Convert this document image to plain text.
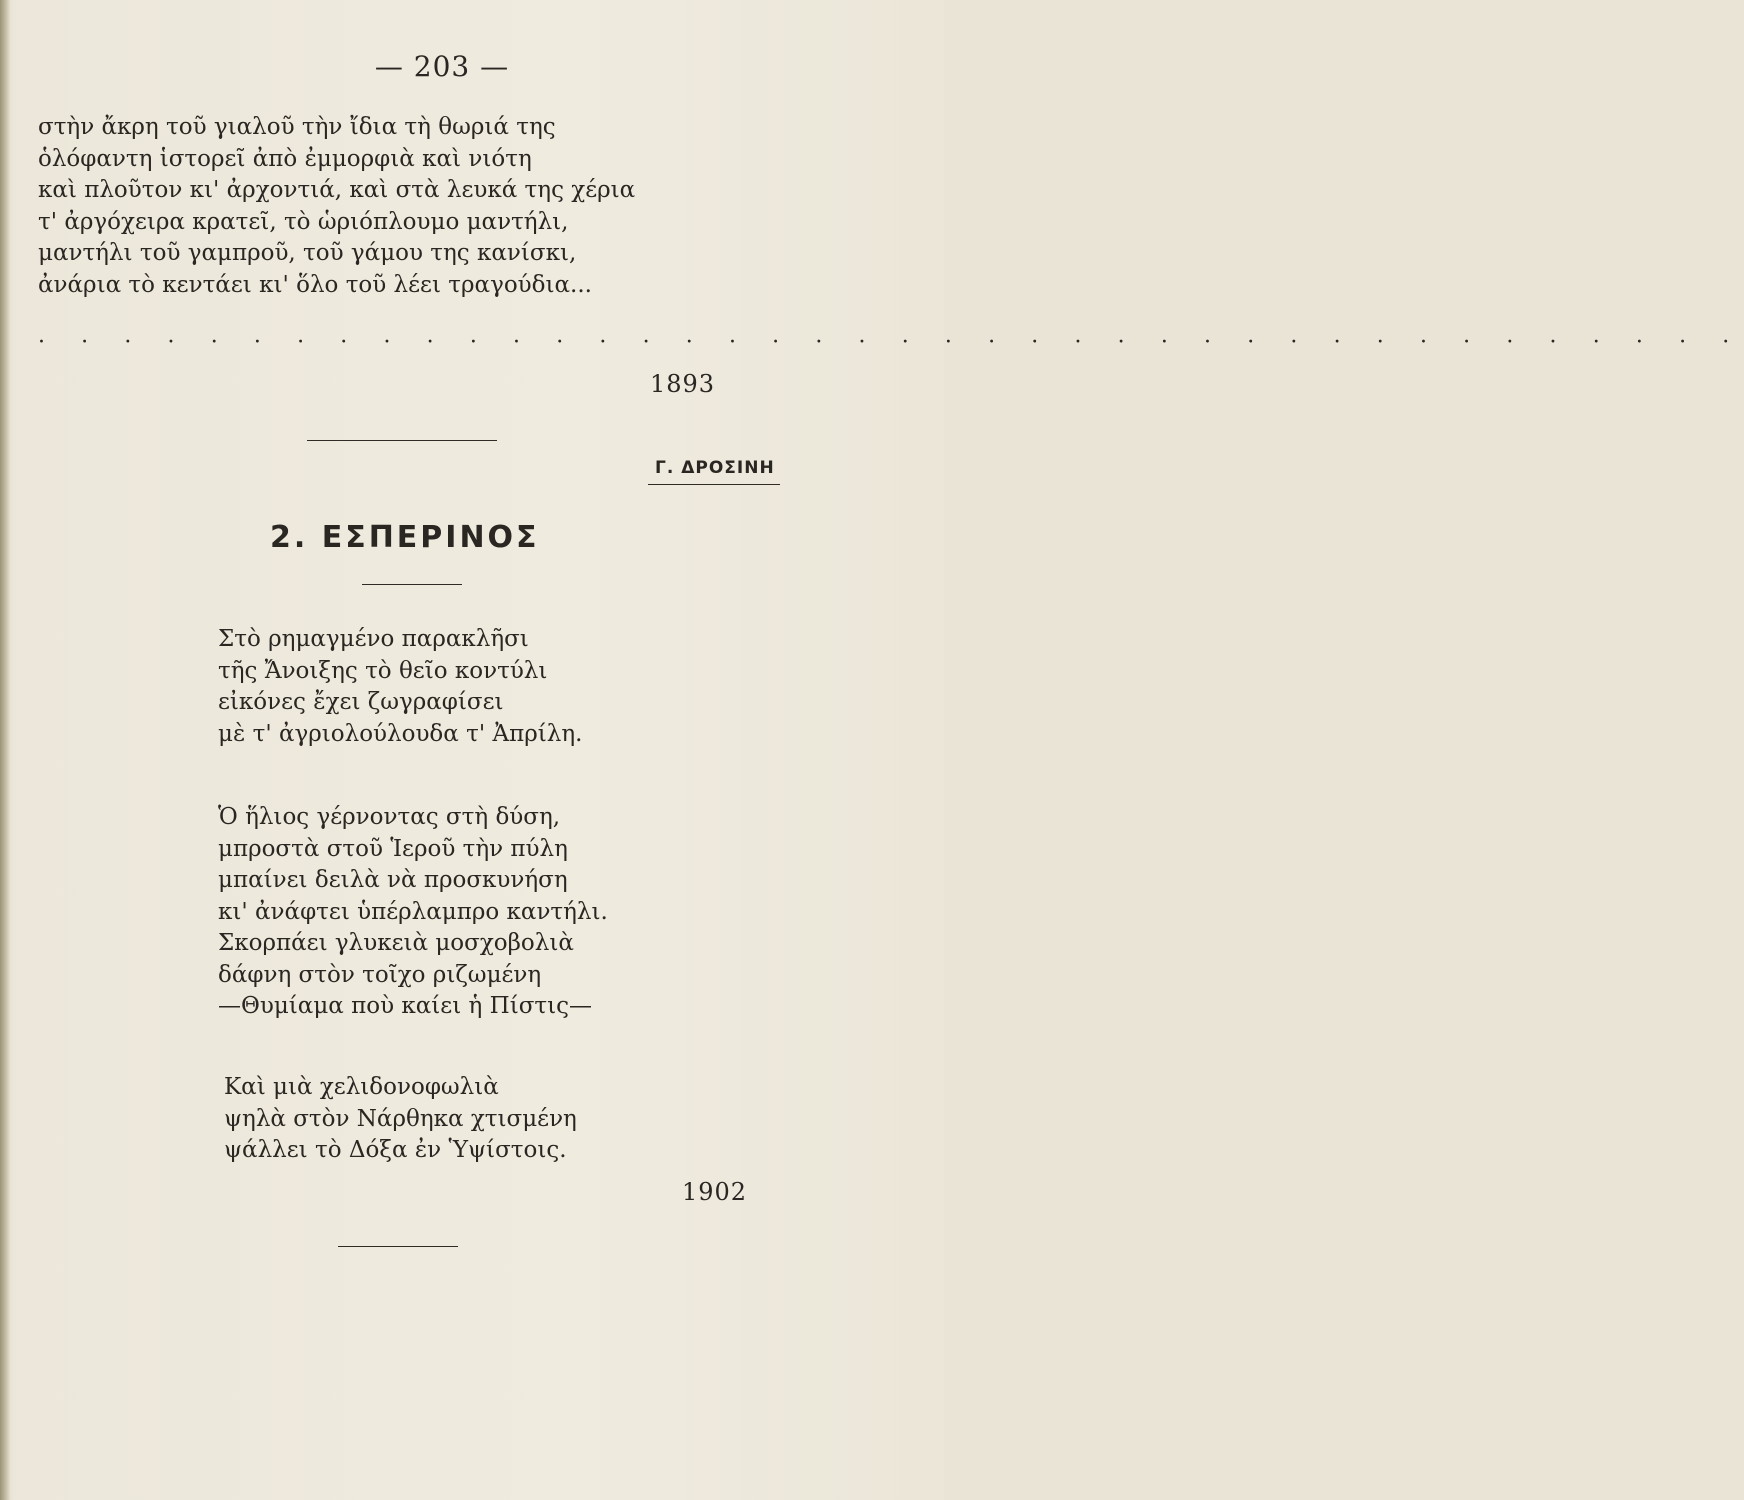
— 203 —
στὴν ἄκρη τοῦ γιαλοῦ τὴν ἴδια τὴ θωριά της
ὁλόφαντη ἱστορεῖ ἀπὸ ἐμμορφιὰ καὶ νιότη
καὶ πλοῦτον κι' ἀρχοντιά, καὶ στὰ λευκά της χέρια
τ' ἀργόχειρα κρατεῖ, τὸ ὡριόπλουμο μαντήλι,
μαντήλι τοῦ γαμπροῦ, τοῦ γάμου της κανίσκι,
ἀνάρια τὸ κεντάει κι' ὅλο τοῦ λέει τραγούδια...
· · · · · · · · · · · · · · · · · · · · · · · · · · · · · · · · · · · · · · · ·
1893
Γ. ΔΡΟΣΙΝΗ
2. ΕΣΠΕΡΙΝΟΣ
Στὸ ρημαγμένο παρακλῆσι
τῆς Ἄνοιξης τὸ θεῖο κοντύλι
εἰκόνες ἔχει ζωγραφίσει
μὲ τ' ἀγριολούλουδα τ' Ἀπρίλη.
Ὁ ἥλιος γέρνοντας στὴ δύση,
μπροστὰ στοῦ Ἱεροῦ τὴν πύλη
μπαίνει δειλὰ νὰ προσκυνήση
κι' ἀνάφτει ὑπέρλαμπρο καντήλι.
Σκορπάει γλυκειὰ μοσχοβολιὰ
δάφνη στὸν τοῖχο ριζωμένη
—Θυμίαμα ποὺ καίει ἡ Πίστις—
Καὶ μιὰ χελιδονοφωλιὰ
ψηλὰ στὸν Νάρθηκα χτισμένη
ψάλλει τὸ Δόξα ἐν Ὑψίστοις.
1902
